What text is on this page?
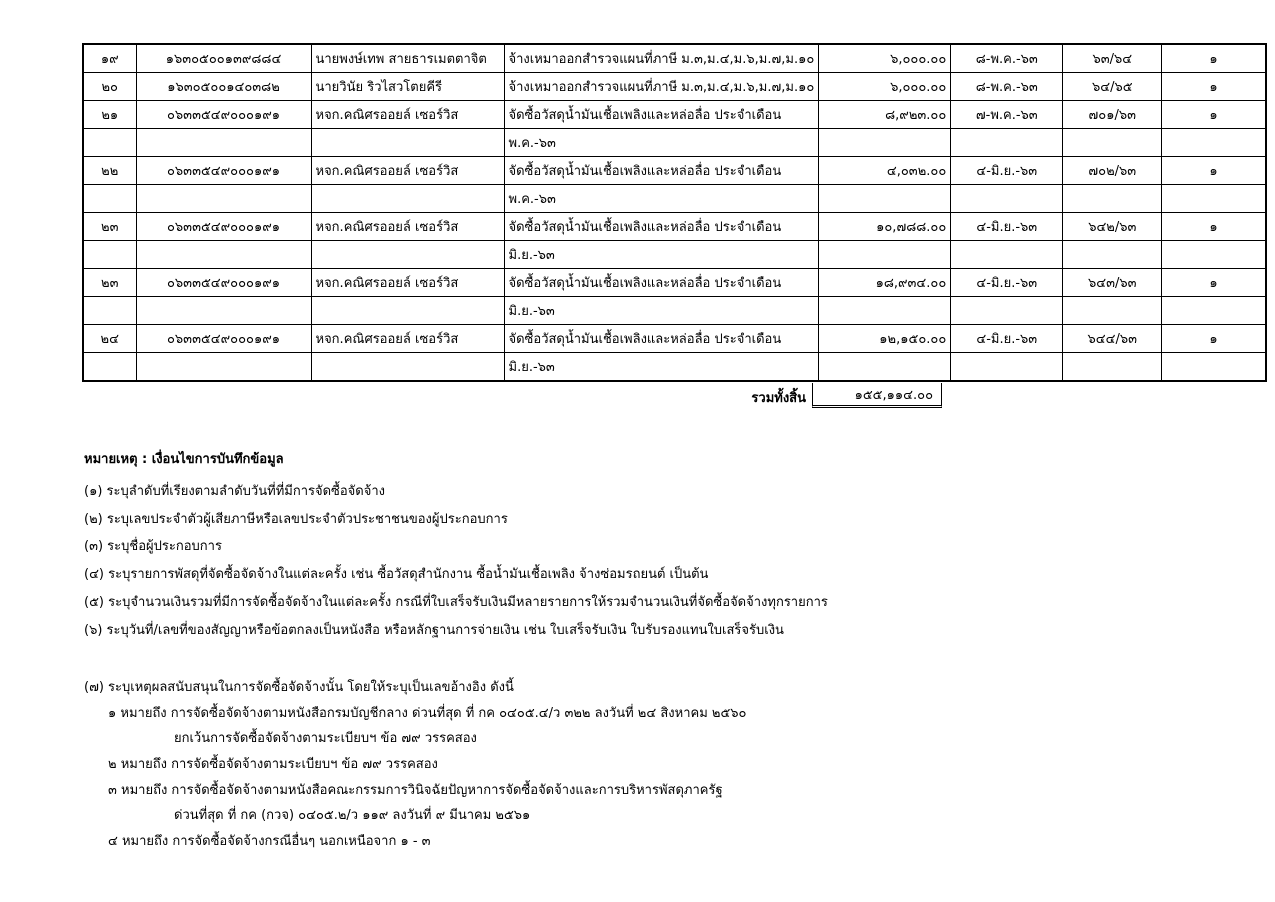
๑๙	๑๖๓๐๕๐๐๑๓๙๘๘๔	นายพงษ์เทพ สายธารเมตตาจิต	จ้างเหมาออกสำรวจแผนที่ภาษี ม.๓,ม.๔,ม.๖,ม.๗,ม.๑๐	๖,๐๐๐.๐๐	๘-พ.ค.-๖๓	๖๓/๖๔	๑
๒๐	๑๖๓๐๕๐๐๑๔๐๓๘๒	นายวินัย ริวไสวโตยคีรี	จ้างเหมาออกสำรวจแผนที่ภาษี ม.๓,ม.๔,ม.๖,ม.๗,ม.๑๐	๖,๐๐๐.๐๐	๘-พ.ค.-๖๓	๖๔/๖๕	๑
๒๑	๐๖๓๓๕๔๙๐๐๐๑๙๑	หจก.คณิศรออยล์ เซอร์วิส	จัดซื้อวัสดุน้ำมันเชื้อเพลิงและหล่อลื่อ ประจำเดือน	๘,๙๒๓.๐๐	๗-พ.ค.-๖๓	๗๐๑/๖๓	๑
			พ.ค.-๖๓				
๒๒	๐๖๓๓๕๔๙๐๐๐๑๙๑	หจก.คณิศรออยล์ เซอร์วิส	จัดซื้อวัสดุน้ำมันเชื้อเพลิงและหล่อลื่อ ประจำเดือน	๔,๐๓๒.๐๐	๔-มิ.ย.-๖๓	๗๐๒/๖๓	๑
			พ.ค.-๖๓				
๒๓	๐๖๓๓๕๔๙๐๐๐๑๙๑	หจก.คณิศรออยล์ เซอร์วิส	จัดซื้อวัสดุน้ำมันเชื้อเพลิงและหล่อลื่อ ประจำเดือน	๑๐,๗๘๘.๐๐	๔-มิ.ย.-๖๓	๖๔๒/๖๓	๑
			มิ.ย.-๖๓				
๒๓	๐๖๓๓๕๔๙๐๐๐๑๙๑	หจก.คณิศรออยล์ เซอร์วิส	จัดซื้อวัสดุน้ำมันเชื้อเพลิงและหล่อลื่อ ประจำเดือน	๑๘,๙๓๔.๐๐	๔-มิ.ย.-๖๓	๖๔๓/๖๓	๑
			มิ.ย.-๖๓				
๒๔	๐๖๓๓๕๔๙๐๐๐๑๙๑	หจก.คณิศรออยล์ เซอร์วิส	จัดซื้อวัสดุน้ำมันเชื้อเพลิงและหล่อลื่อ ประจำเดือน	๑๒,๑๕๐.๐๐	๔-มิ.ย.-๖๓	๖๔๔/๖๓	๑
			มิ.ย.-๖๓				
รวมทั้งสิ้น	๑๕๕,๑๑๔.๐๐
หมายเหตุ : เงื่อนไขการบันทึกข้อมูล
(๑) ระบุลำดับที่เรียงตามลำดับวันที่ที่มีการจัดซื้อจัดจ้าง
(๒) ระบุเลขประจำตัวผู้เสียภาษีหรือเลขประจำตัวประชาชนของผู้ประกอบการ
(๓) ระบุชื่อผู้ประกอบการ
(๔) ระบุรายการพัสดุที่จัดซื้อจัดจ้างในแต่ละครั้ง เช่น ซื้อวัสดุสำนักงาน ซื้อน้ำมันเชื้อเพลิง จ้างซ่อมรถยนต์ เป็นต้น
(๕) ระบุจำนวนเงินรวมที่มีการจัดซื้อจัดจ้างในแต่ละครั้ง กรณีที่ใบเสร็จรับเงินมีหลายรายการให้รวมจำนวนเงินที่จัดซื้อจัดจ้างทุกรายการ
(๖) ระบุวันที่/เลขที่ของสัญญาหรือข้อตกลงเป็นหนังสือ หรือหลักฐานการจ่ายเงิน เช่น ใบเสร็จรับเงิน ใบรับรองแทนใบเสร็จรับเงิน
(๗) ระบุเหตุผลสนับสนุนในการจัดซื้อจัดจ้างนั้น โดยให้ระบุเป็นเลขอ้างอิง ดังนี้
๑ หมายถึง การจัดซื้อจัดจ้างตามหนังสือกรมบัญชีกลาง ด่วนที่สุด ที่ กค ๐๔๐๕.๔/ว ๓๒๒ ลงวันที่ ๒๔ สิงหาคม ๒๕๖๐
ยกเว้นการจัดซื้อจัดจ้างตามระเบียบฯ ข้อ ๗๙ วรรคสอง
๒ หมายถึง การจัดซื้อจัดจ้างตามระเบียบฯ ข้อ ๗๙ วรรคสอง
๓ หมายถึง การจัดซื้อจัดจ้างตามหนังสือคณะกรรมการวินิจฉัยปัญหาการจัดซื้อจัดจ้างและการบริหารพัสดุภาครัฐ
ด่วนที่สุด ที่ กค (กวจ) ๐๔๐๕.๒/ว ๑๑๙ ลงวันที่ ๙ มีนาคม ๒๕๖๑
๔ หมายถึง การจัดซื้อจัดจ้างกรณีอื่นๆ นอกเหนือจาก ๑ - ๓
